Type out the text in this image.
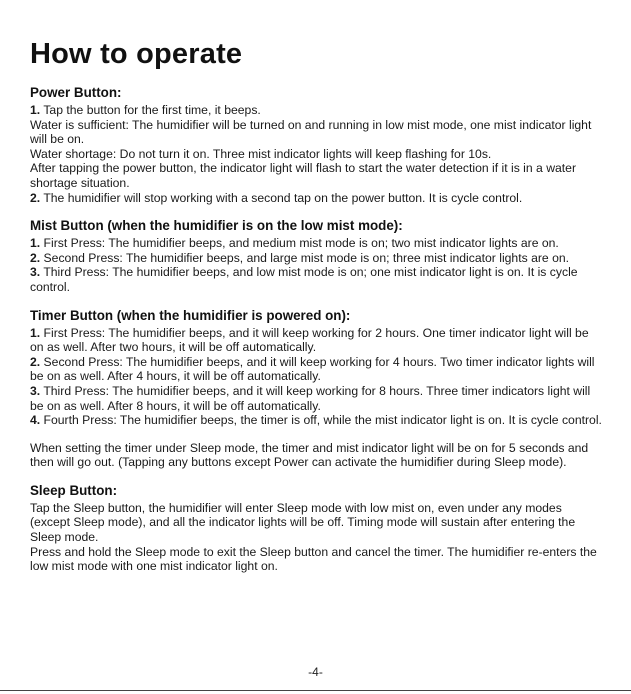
How to operate
Power Button:

1. Tap the button for the first time, it beeps.

Water is sufficient: The humidifier will be turned on and running in low mist mode, one mist indicator light will be on.

Water shortage: Do not turn it on. Three mist indicator lights will keep flashing for 10s.

After tapping the power button, the indicator light will flash to start the water detection if it is in a water shortage situation.

2. The humidifier will stop working with a second tap on the power button. It is cycle control.

Mist Button (when the humidifier is on the low mist mode):

1. First Press: The humidifier beeps, and medium mist mode is on; two mist indicator lights are on.

2. Second Press: The humidifier beeps, and large mist mode is on; three mist indicator lights are on.

3. Third Press: The humidifier beeps, and low mist mode is on; one mist indicator light is on. It is cycle control.

Timer Button (when the humidifier is powered on):

1. First Press: The humidifier beeps, and it will keep working for 2 hours. One timer indicator light will be on as well. After two hours, it will be off automatically.

2. Second Press: The humidifier beeps, and it will keep working for 4 hours. Two timer indicator lights will be on as well. After 4 hours, it will be off automatically.

3. Third Press: The humidifier beeps, and it will keep working for 8 hours. Three timer indicators light will be on as well. After 8 hours, it will be off automatically.

4. Fourth Press: The humidifier beeps, the timer is off, while the mist indicator light is on. It is cycle control.

When setting the timer under Sleep mode, the timer and mist indicator light will be on for 5 seconds and then will go out. (Tapping any buttons except Power can activate the humidifier during Sleep mode).

Sleep Button:

Tap the Sleep button, the humidifier will enter Sleep mode with low mist on, even under any modes (except Sleep mode), and all the indicator lights will be off. Timing mode will sustain after entering the Sleep mode.

Press and hold the Sleep mode to exit the Sleep button and cancel the timer. The humidifier re-enters the low mist mode with one mist indicator light on.

-4-
